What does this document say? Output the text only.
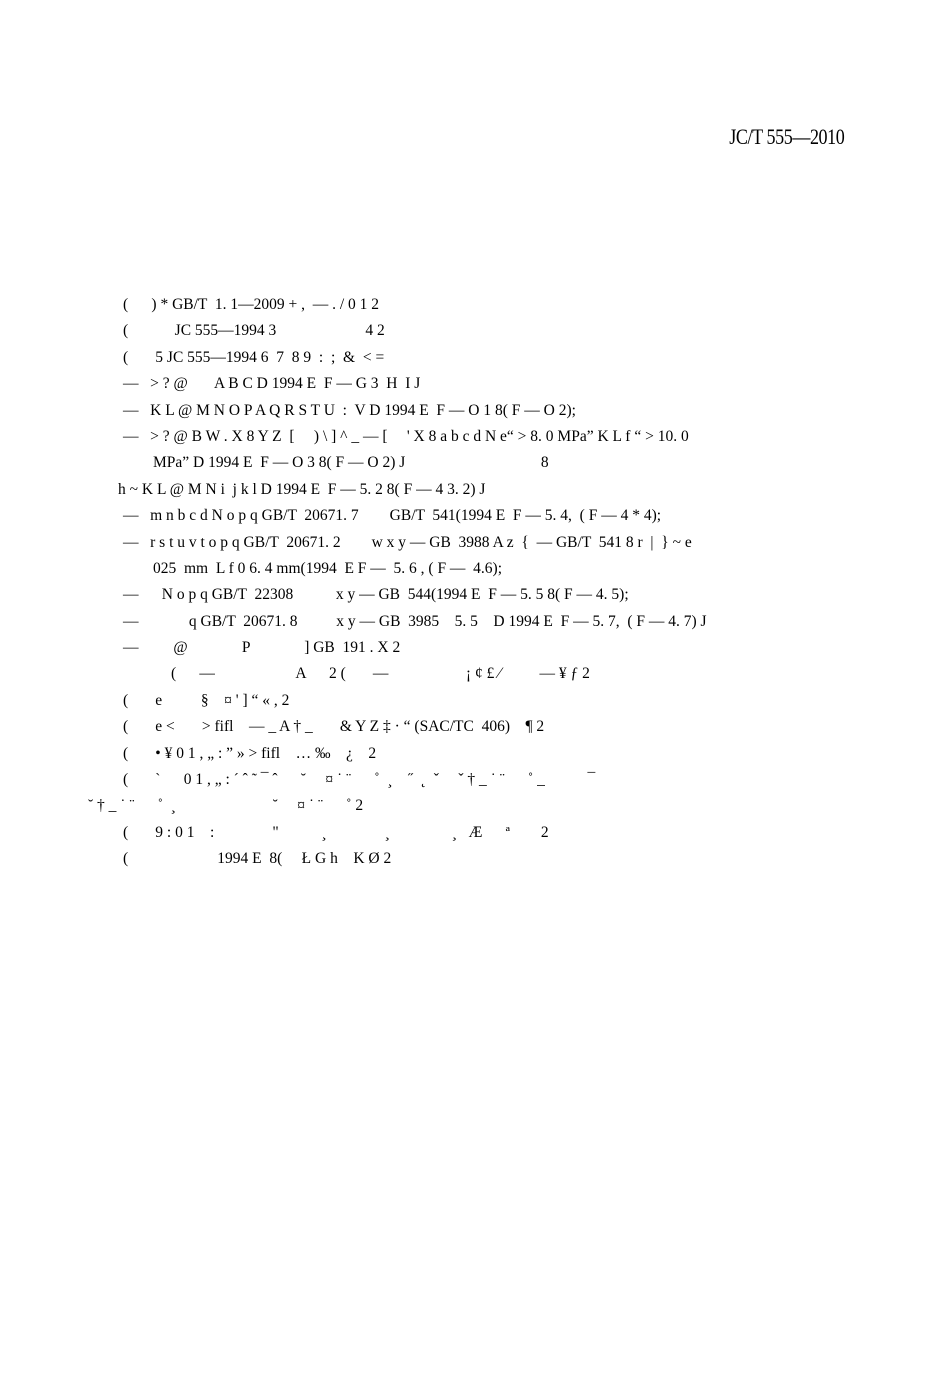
JC/T 555—2010
(      ) * GB/T  1. 1—2009 + ,  — . / 0 1 2
(            JC 555—1994 3                       4 2
(       5 JC 555—1994 6  7  8 9  :  ;  &  < =
—   > ? @       A B C D 1994 E  F — G 3  H  I J
—   K L @ M N O P A Q R S T U  :  V D 1994 E  F — O 1 8( F — O 2);
—   > ? @ B W . X 8 Y Z  [     ) \ ] ^ _ — [     ' X 8 a b c d N e“ > 8. 0 MPa” K L f “ > 10. 0
MPa” D 1994 E  F — O 3 8( F — O 2) J                                   8
h ~ K L @ M N i  j k l D 1994 E  F — 5. 2 8( F — 4 3. 2) J
—   m n b c d N o p q GB/T  20671. 7        GB/T  541(1994 E  F — 5. 4,  ( F — 4 * 4);
—   r s t u v t o p q GB/T  20671. 2        w x y — GB  3988 A z  {  — GB/T  541 8 r  |  } ~ e
025  mm  L f 0 6. 4 mm(1994  E F —  5. 6 , ( F —  4.6);
—      N o p q GB/T  22308           x y — GB  544(1994 E  F — 5. 5 8( F — 4. 5);
—             q GB/T  20671. 8          x y — GB  3985    5. 5    D 1994 E  F — 5. 7,  ( F — 4. 7) J
—         @              P              ] GB  191 . X 2
(      —                     A      2 (       —                    ¡ ¢ £ ⁄          — ¥ ƒ 2
(       e          §    ¤ ' ] “ « , 2
(       e <       > fifl    — _ A † _       & Y Z ‡ · “ (SAC/TC  406)    ¶ 2
(       • ¥ 0 1 , „ : ” » > fifl    … ‰    ¿    2
(       `      0 1 , „ : ´ ˆ ˜ ¯ ˆ      ˘     ¤ ˙ ¨      ˚  ¸    ˝  ˛  ˇ     ˇ † _ ˙ ¨      ˚ _           ¯
˘ † _ ˙ ¨      ˚  ¸                         ˘     ¤ ˙ ¨      ˚ 2
(       9 : 0 1    :               "           ¸               ¸                ¸   Æ      ª        2
(                       1994 E  8(     Ł G h    K Ø 2
